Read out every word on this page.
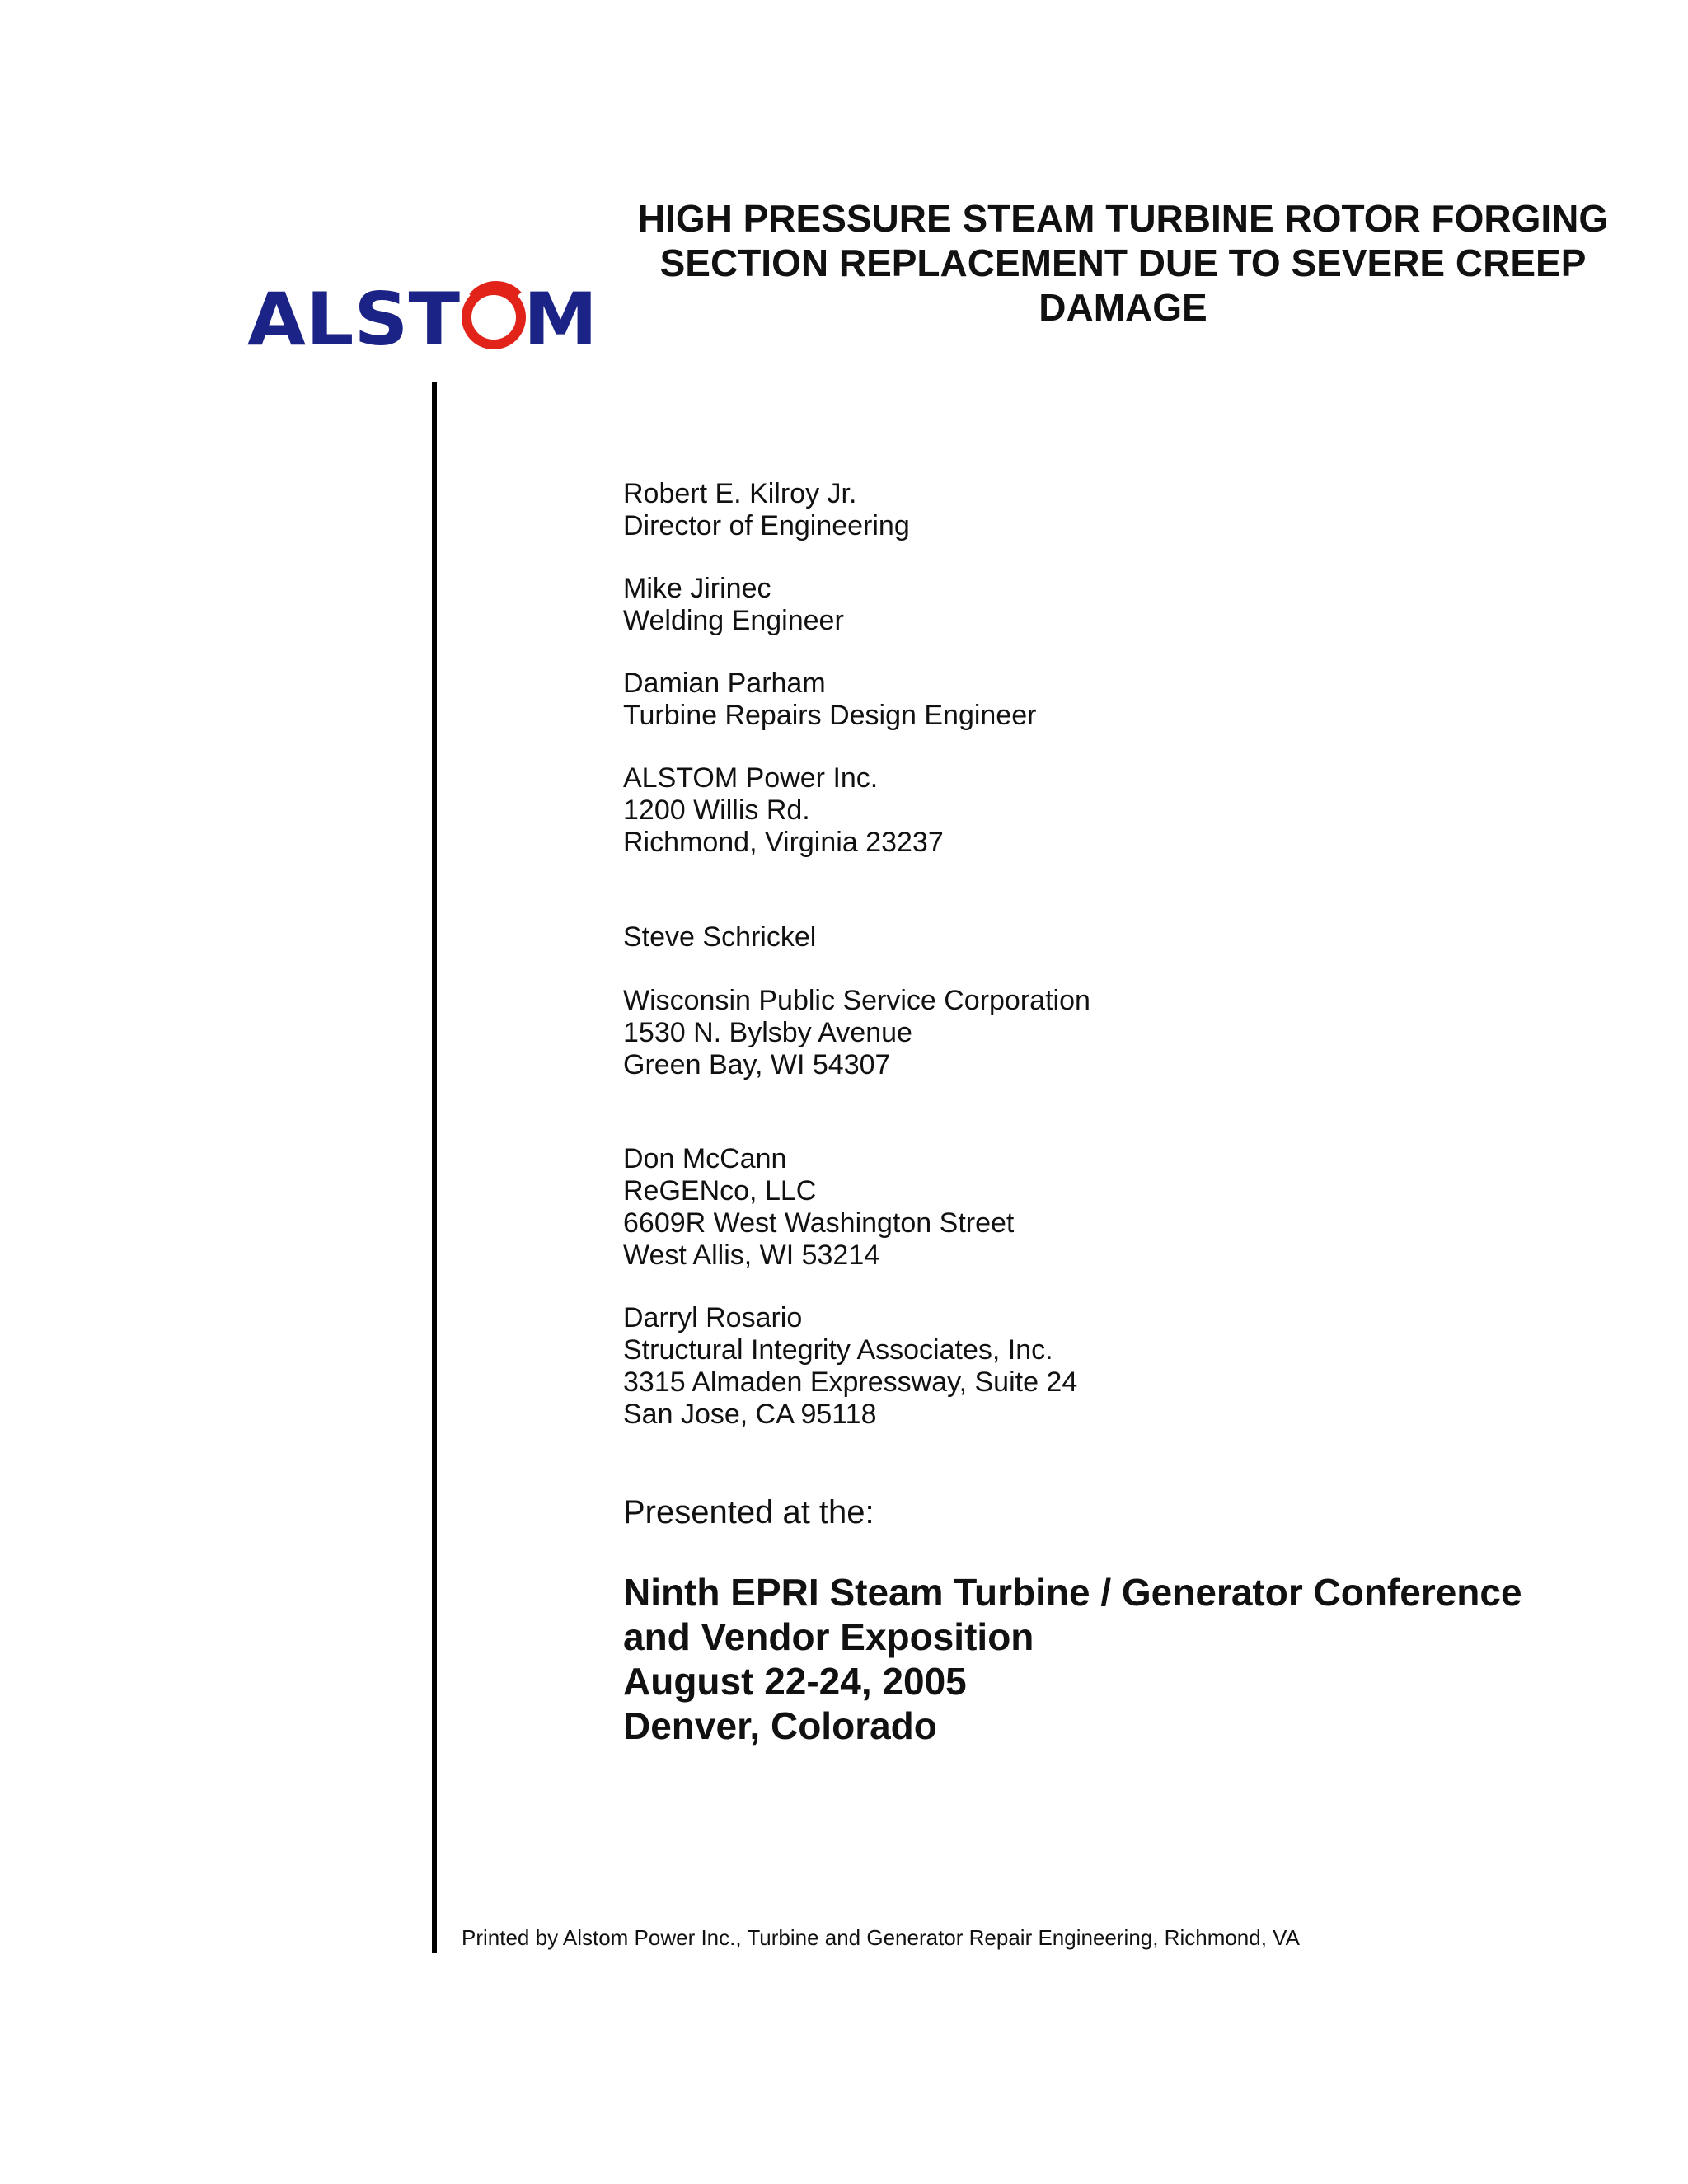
ALST M
HIGH PRESSURE STEAM TURBINE ROTOR FORGING
SECTION REPLACEMENT DUE TO SEVERE CREEP
DAMAGE
Robert E. Kilroy Jr.
Director of Engineering
Mike Jirinec
Welding Engineer
Damian Parham
Turbine Repairs Design Engineer
ALSTOM Power Inc.
1200 Willis Rd.
Richmond, Virginia 23237
Steve Schrickel
Wisconsin Public Service Corporation
1530 N. Bylsby Avenue
Green Bay, WI 54307
Don McCann
ReGENco, LLC
6609R West Washington Street
West Allis, WI 53214
Darryl Rosario
Structural Integrity Associates, Inc.
3315 Almaden Expressway, Suite 24
San Jose, CA 95118
Presented at the:
Ninth EPRI Steam Turbine / Generator Conference
and Vendor Exposition
August 22-24, 2005
Denver, Colorado
Printed by Alstom Power Inc., Turbine and Generator Repair Engineering, Richmond, VA
